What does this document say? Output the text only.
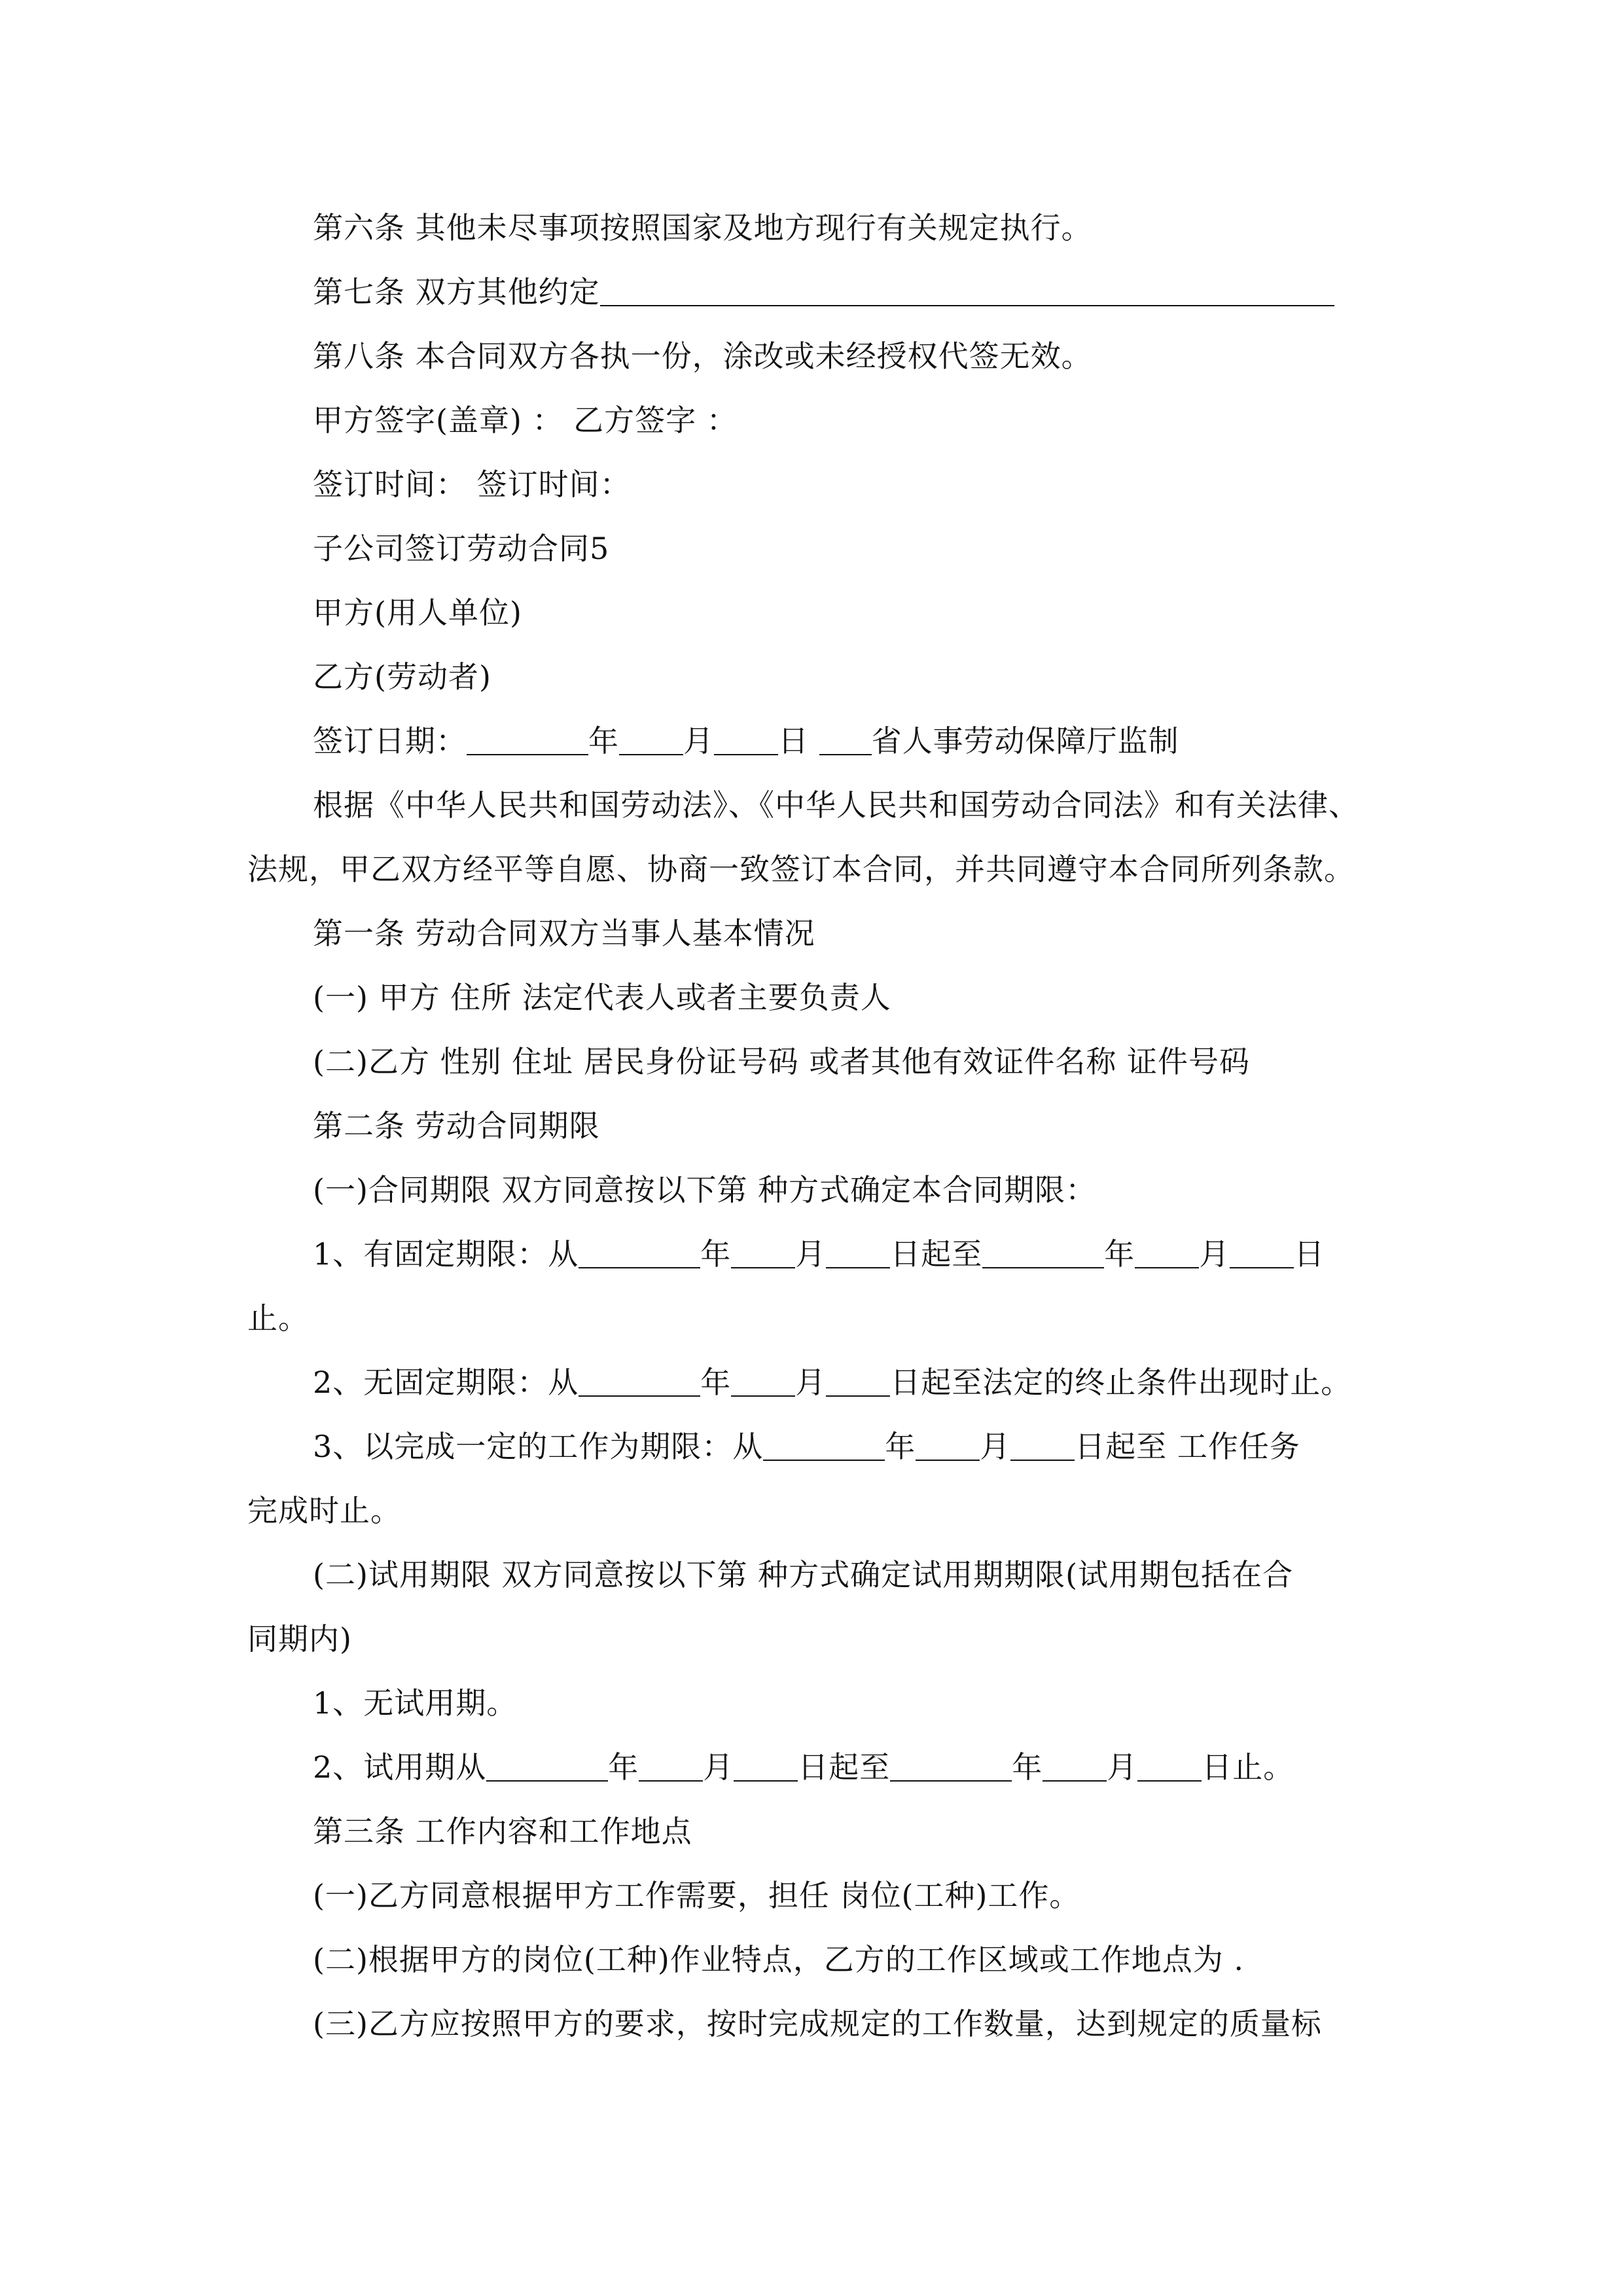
第六条 其他未尽事项按照国家及地方现行有关规定执行。
第七条 双方其他约定
第八条 本合同双方各执一份，涂改或未经授权代签无效。
甲方签字(盖章) ： 乙方签字 ：
签订时间： 签订时间：
子公司签订劳动合同5
甲方(用人单位)
乙方(劳动者)
签订日期：	年 月 日 省人事劳动保障厅监制
根据《中华人民共和国劳动法》、《中华人民共和国劳动合同法》和有关法律、
法规，甲乙双方经平等自愿、协商一致签订本合同，并共同遵守本合同所列条款。
第一条 劳动合同双方当事人基本情况
(一) 甲方 住所 法定代表人或者主要负责人
(二)乙方 性别 住址 居民身份证号码 或者其他有效证件名称 证件号码
第二条 劳动合同期限
(一)合同期限 双方同意按以下第 种方式确定本合同期限：
1、有固定期限：从	年 月 日起至	年 月 日
止。
2、无固定期限：从	年 月 日起至法定的终止条件出现时止。
3、以完成一定的工作为期限：从	年 月 日起至 工作任务
完成时止。
(二)试用期限 双方同意按以下第 种方式确定试用期期限(试用期包括在合
同期内)
1、无试用期。
2、试用期从	年 月 日起至	年 月 日止。
第三条 工作内容和工作地点
(一)乙方同意根据甲方工作需要，担任 岗位(工种)工作。
(二)根据甲方的岗位(工种)作业特点，乙方的工作区域或工作地点为 .
(三)乙方应按照甲方的要求，按时完成规定的工作数量，达到规定的质量标
